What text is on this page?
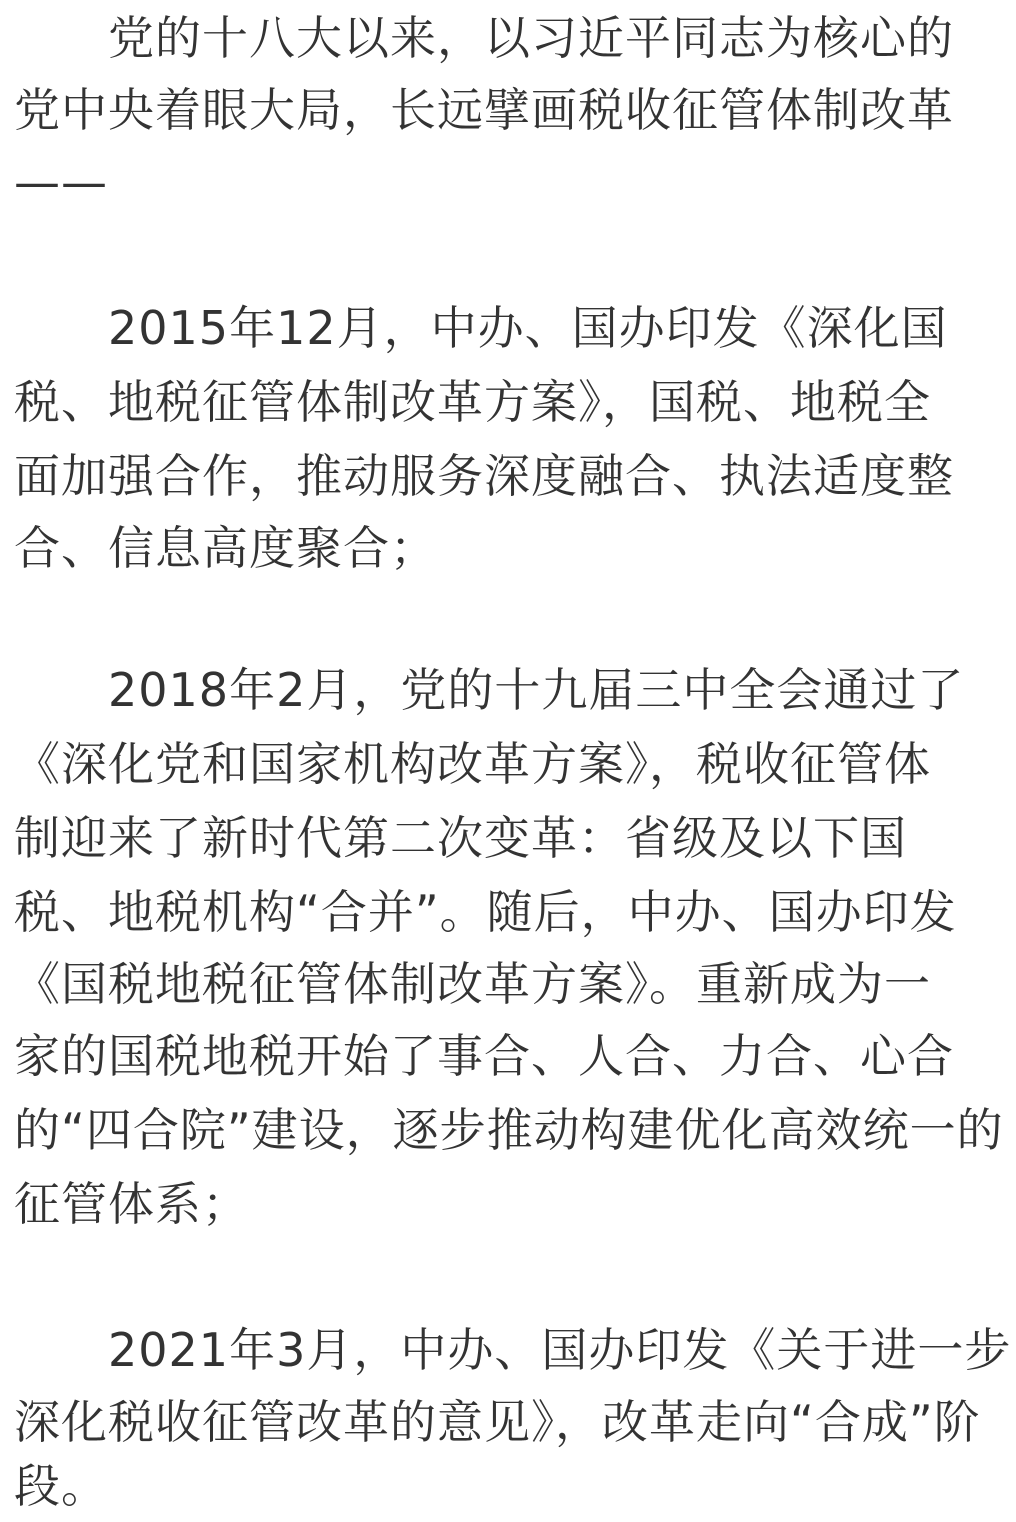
　　党的十八大以来，以习近平同志为核心的
党中央着眼大局，长远擘画税收征管体制改革
——
　　2015年12月，中办、国办印发《深化国
税、地税征管体制改革方案》，国税、地税全
面加强合作，推动服务深度融合、执法适度整
合、信息高度聚合；
　　2018年2月，党的十九届三中全会通过了
《深化党和国家机构改革方案》，税收征管体
制迎来了新时代第二次变革：省级及以下国
税、地税机构“合并”。随后，中办、国办印发
《国税地税征管体制改革方案》。重新成为一
家的国税地税开始了事合、人合、力合、心合
的“四合院”建设，逐步推动构建优化高效统一的
征管体系；
　　2021年3月，中办、国办印发《关于进一步
深化税收征管改革的意见》，改革走向“合成”阶
段。
